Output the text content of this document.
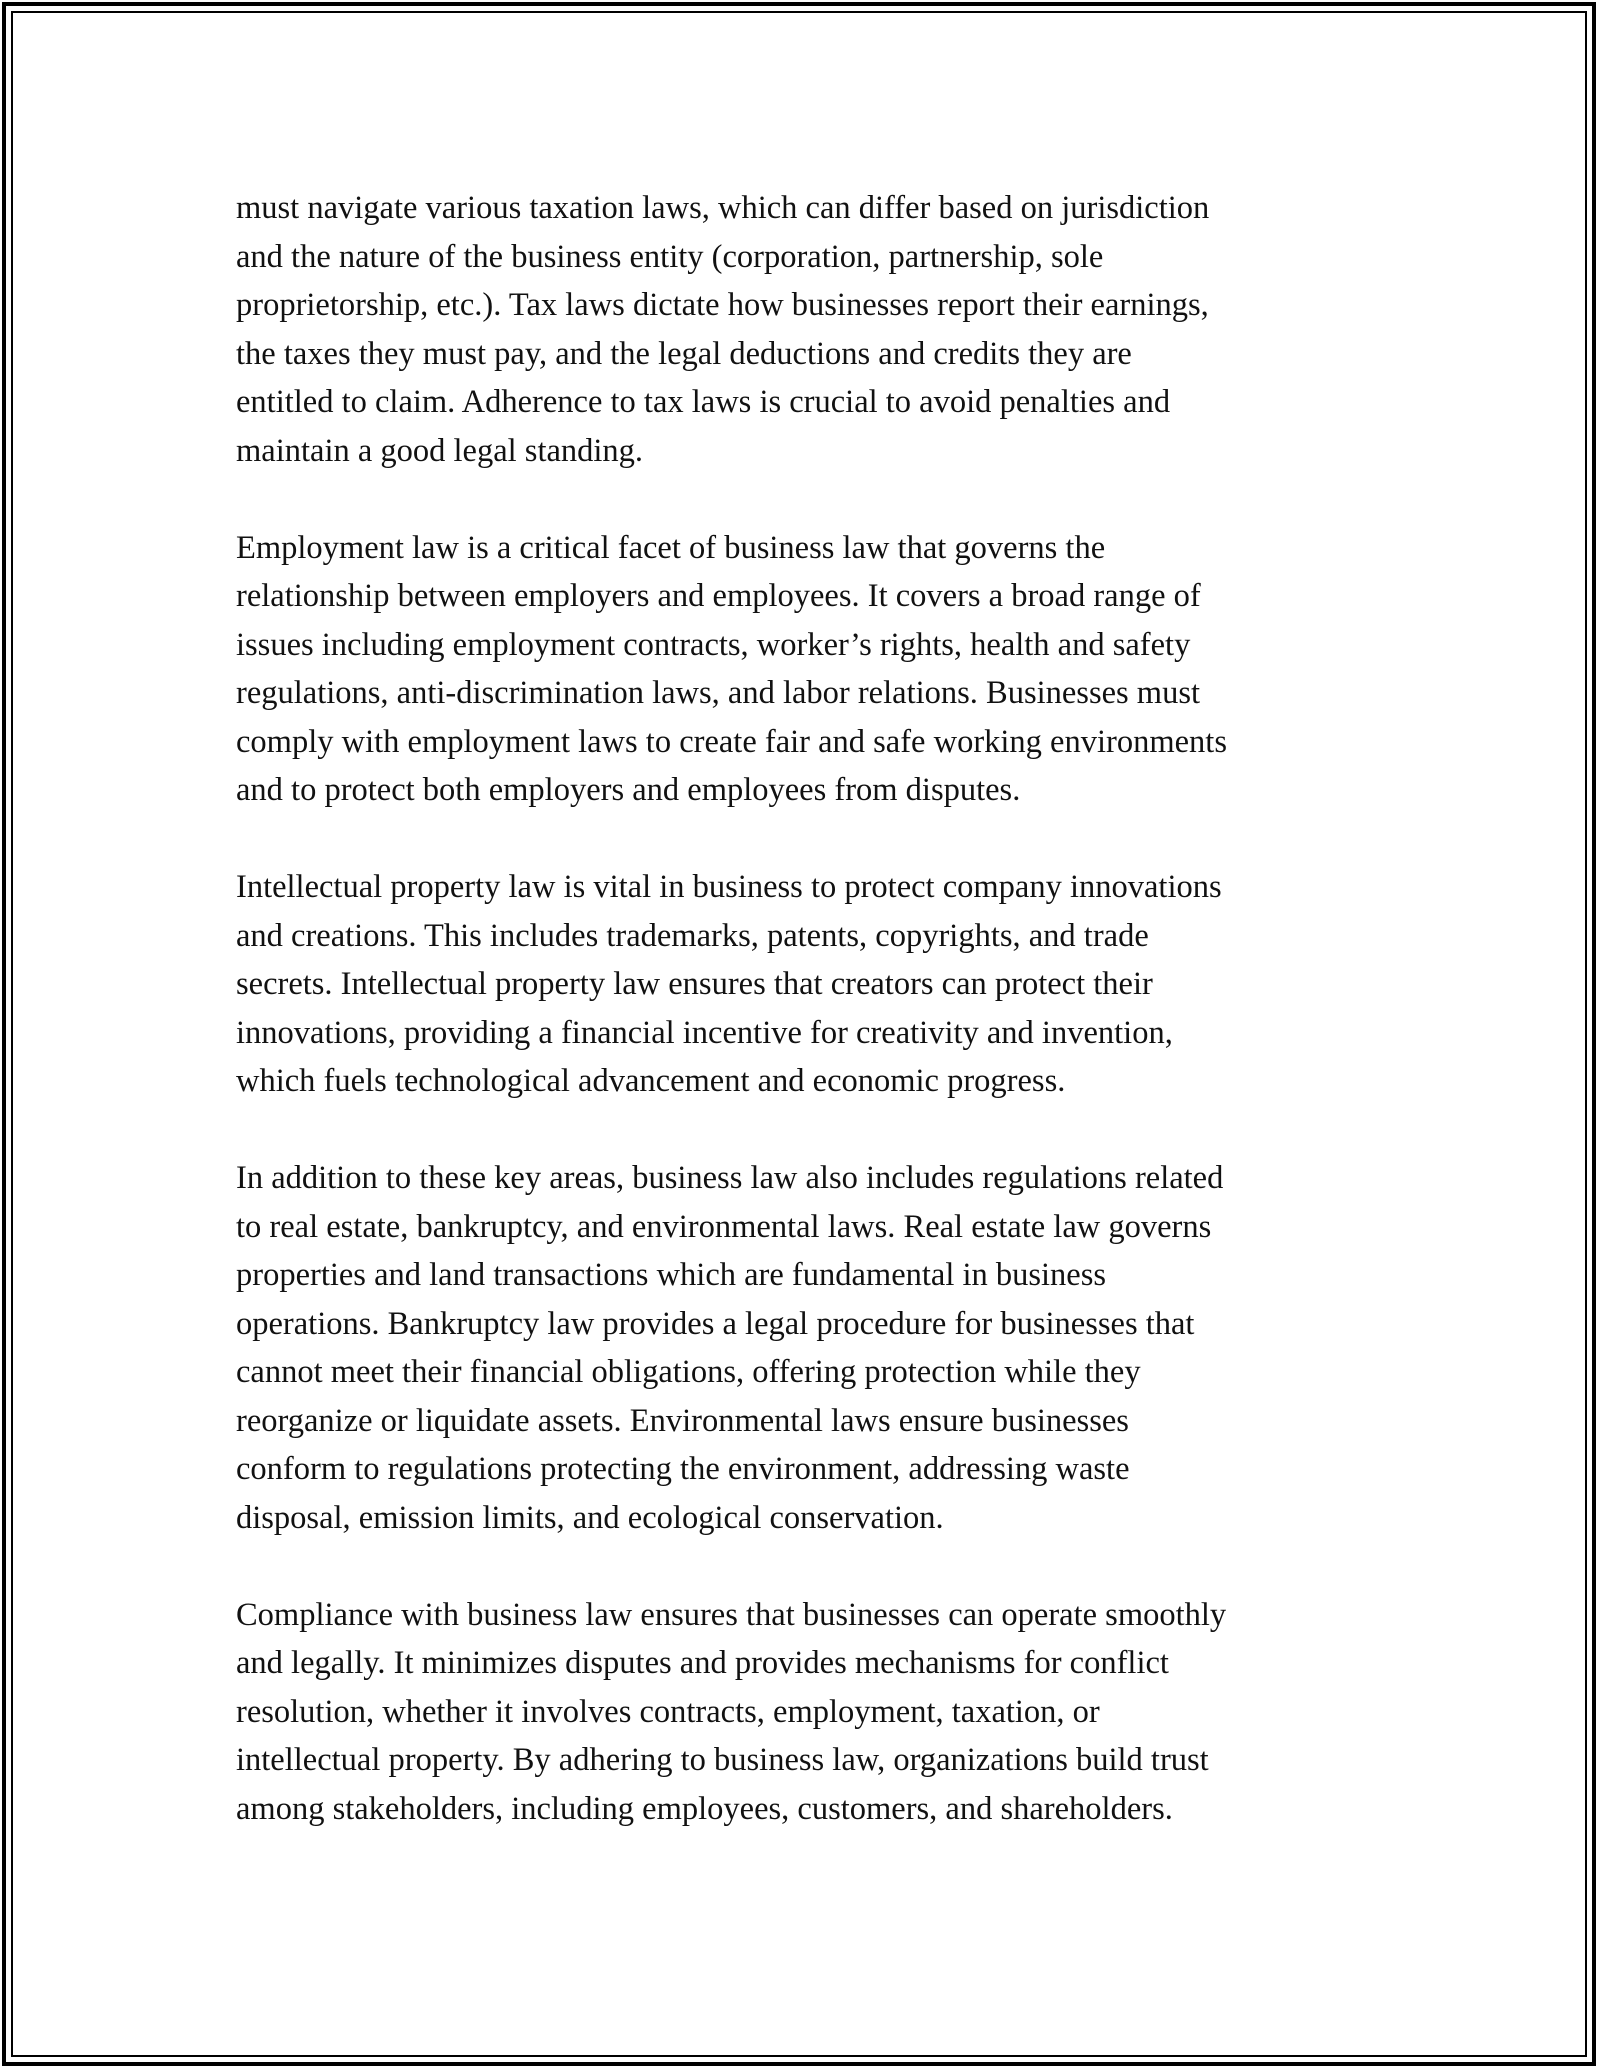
must navigate various taxation laws, which can differ based on jurisdiction
and the nature of the business entity (corporation, partnership, sole
proprietorship, etc.). Tax laws dictate how businesses report their earnings,
the taxes they must pay, and the legal deductions and credits they are
entitled to claim. Adherence to tax laws is crucial to avoid penalties and
maintain a good legal standing.

Employment law is a critical facet of business law that governs the
relationship between employers and employees. It covers a broad range of
issues including employment contracts, worker’s rights, health and safety
regulations, anti-discrimination laws, and labor relations. Businesses must
comply with employment laws to create fair and safe working environments
and to protect both employers and employees from disputes.

Intellectual property law is vital in business to protect company innovations
and creations. This includes trademarks, patents, copyrights, and trade
secrets. Intellectual property law ensures that creators can protect their
innovations, providing a financial incentive for creativity and invention,
which fuels technological advancement and economic progress.

In addition to these key areas, business law also includes regulations related
to real estate, bankruptcy, and environmental laws. Real estate law governs
properties and land transactions which are fundamental in business
operations. Bankruptcy law provides a legal procedure for businesses that
cannot meet their financial obligations, offering protection while they
reorganize or liquidate assets. Environmental laws ensure businesses
conform to regulations protecting the environment, addressing waste
disposal, emission limits, and ecological conservation.

Compliance with business law ensures that businesses can operate smoothly
and legally. It minimizes disputes and provides mechanisms for conflict
resolution, whether it involves contracts, employment, taxation, or
intellectual property. By adhering to business law, organizations build trust
among stakeholders, including employees, customers, and shareholders.
